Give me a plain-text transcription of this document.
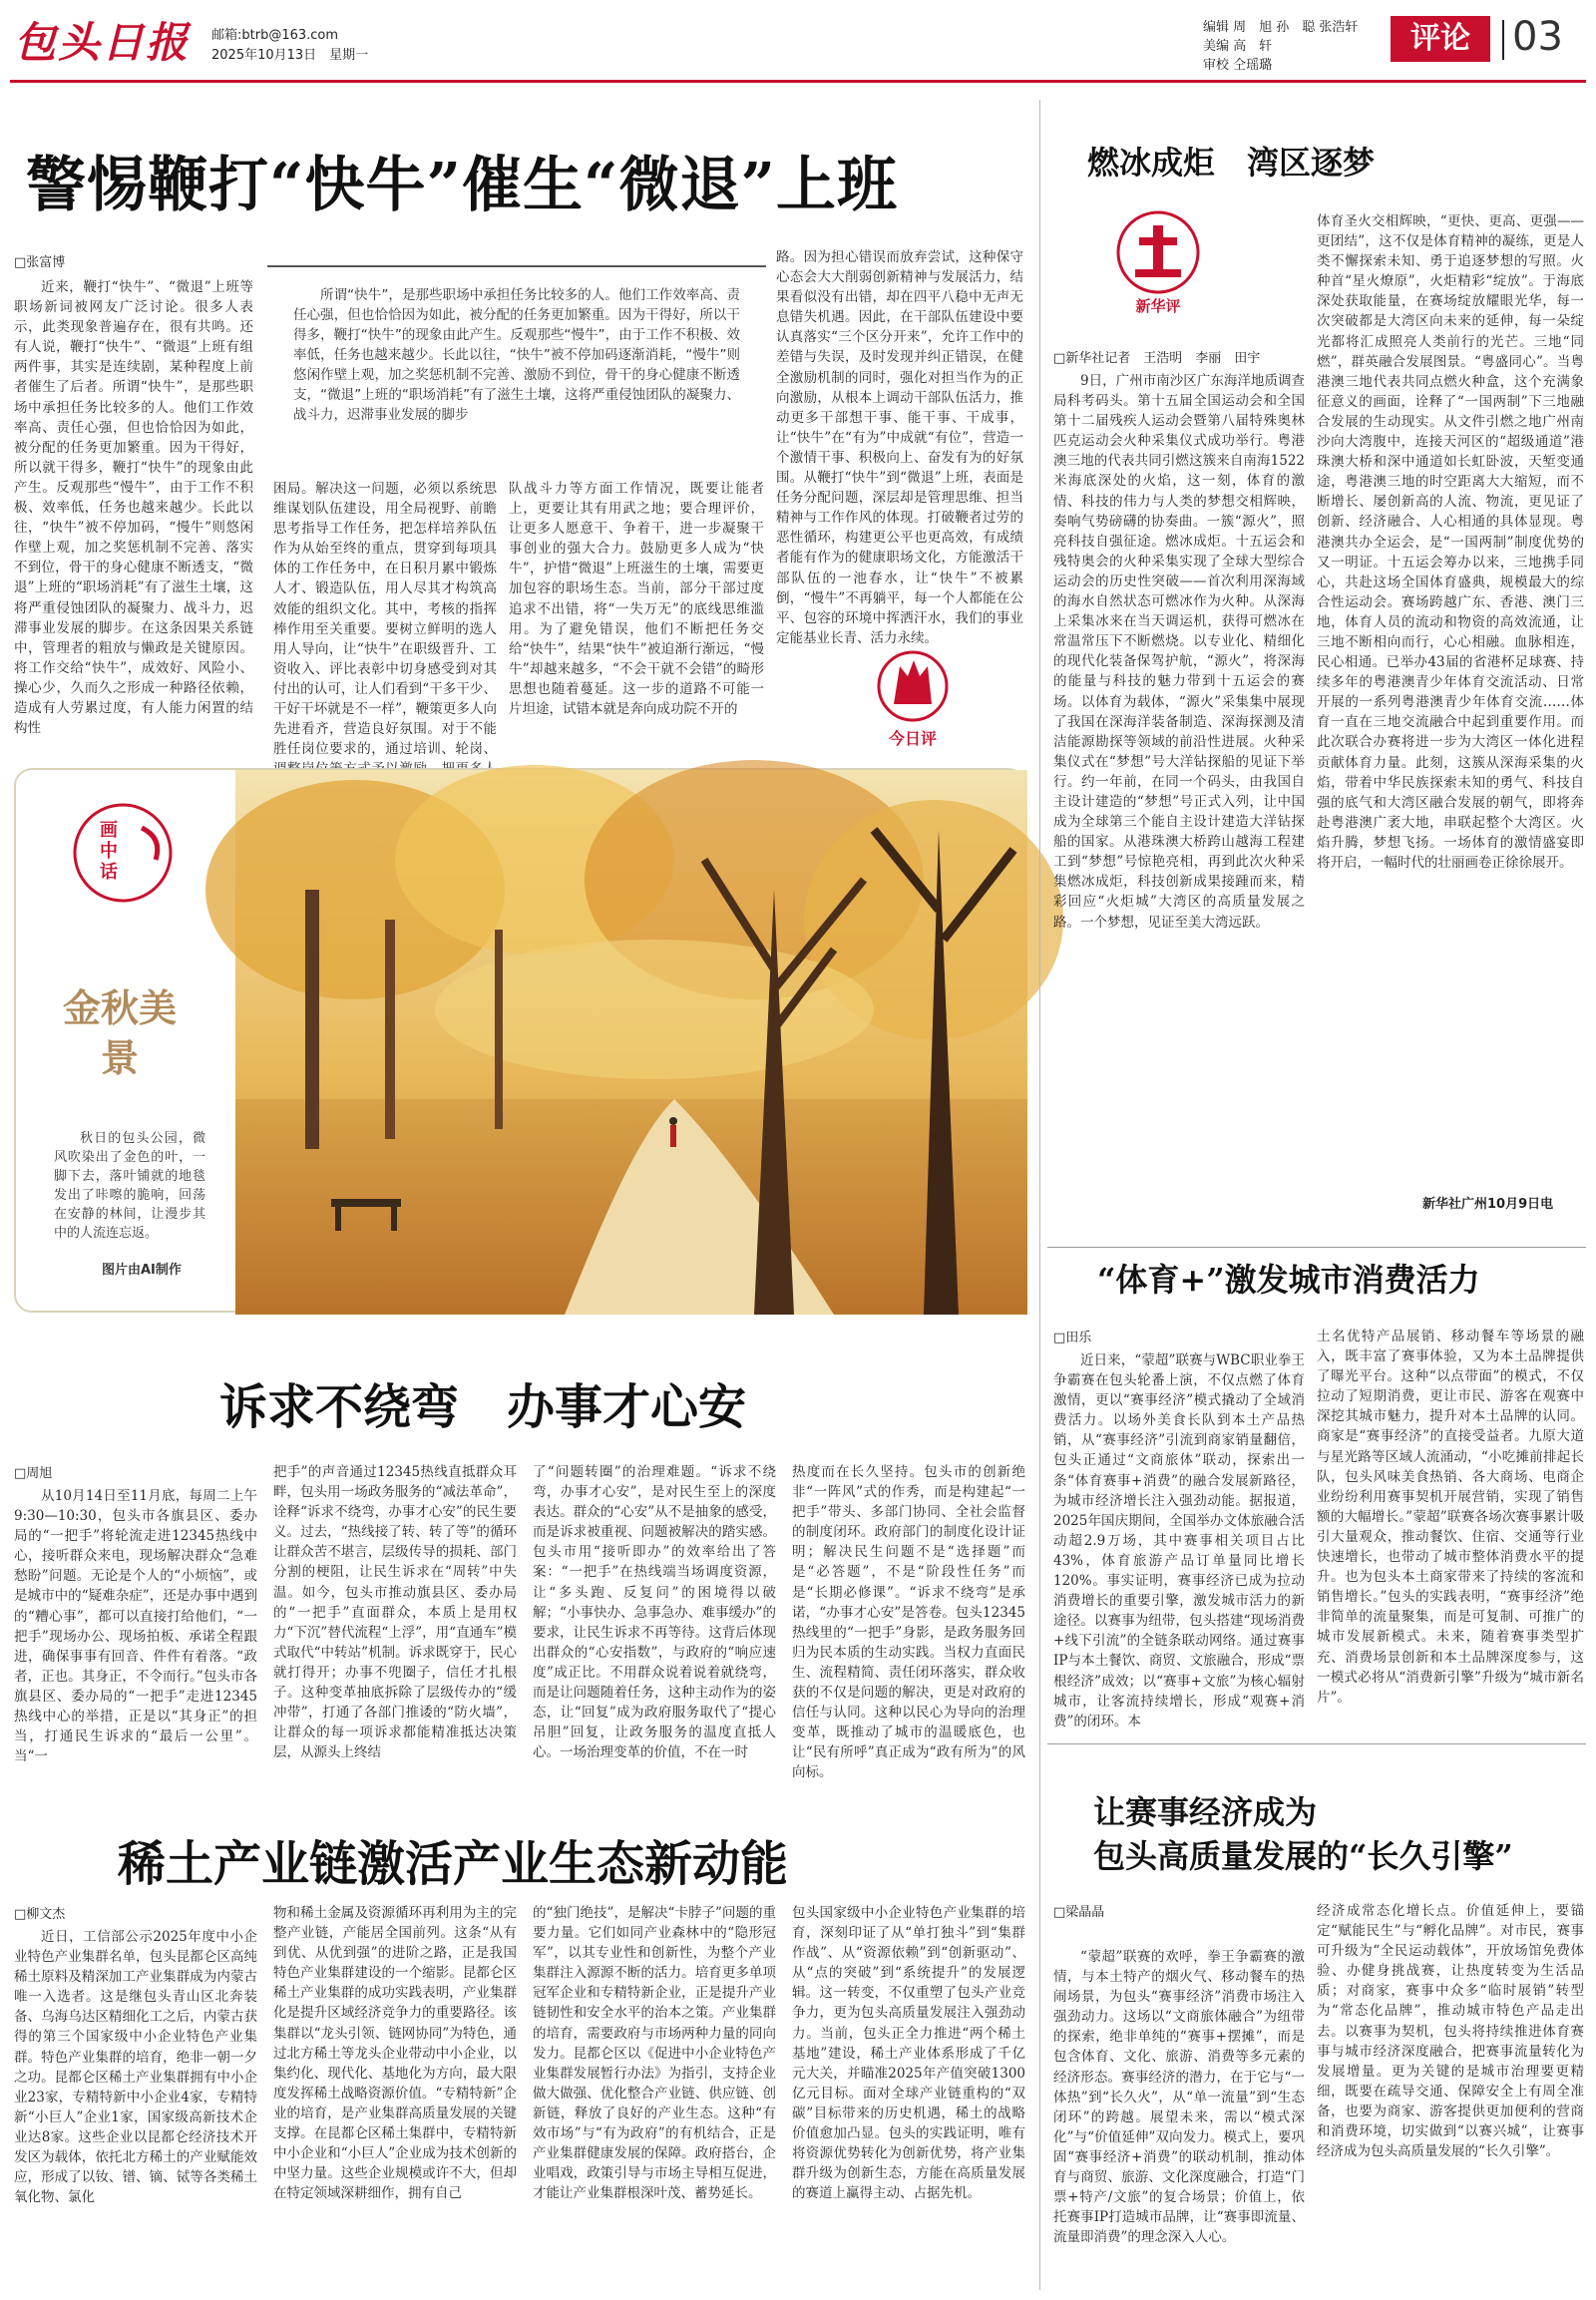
包头日报 邮箱:btrb@163.com
2025年10月13日　星期一
编辑 周　旭 孙　聪 张浩轩
美编 高　轩
审校 仝瑶璐
评论	03
警惕鞭打“快牛”催生“微退”上班
□张富博
所谓“快牛”，是那些职场中承担任务比较多的人。他们工作效率高、责任心强，但也恰恰因为如此，被分配的任务更加繁重。因为干得好，所以干得多，鞭打“快牛”的现象由此产生。反观那些“慢牛”，由于工作不积极、效率低，任务也越来越少。长此以往，“快牛”被不停加码逐渐消耗，“慢牛”则悠闲作壁上观，加之奖惩机制不完善、激励不到位，骨干的身心健康不断透支，“微退”上班的“职场消耗”有了滋生土壤，这将严重侵蚀团队的凝聚力、战斗力，迟滞事业发展的脚步
近来，鞭打“快牛”、“微退”上班等职场新词被网友广泛讨论。很多人表示，此类现象普遍存在，很有共鸣。还有人说，鞭打“快牛”、“微退”上班有组两件事，其实是连续剧，某种程度上前者催生了后者。所谓“快牛”，是那些职场中承担任务比较多的人。他们工作效率高、责任心强，但也恰恰因为如此，被分配的任务更加繁重。因为干得好，所以就干得多，鞭打“快牛”的现象由此产生。反观那些“慢牛”，由于工作不积极、效率低，任务也越来越少。长此以往，“快牛”被不停加码，“慢牛”则悠闲作壁上观，加之奖惩机制不完善、落实不到位，骨干的身心健康不断透支，“微退”上班的“职场消耗”有了滋生土壤，这将严重侵蚀团队的凝聚力、战斗力，迟滞事业发展的脚步。在这条因果关系链中，管理者的粗放与懒政是关键原因。将工作交给“快牛”，成效好、风险小、操心少，久而久之形成一种路径依赖，造成有人劳累过度，有人能力闲置的结构性
困局。解决这一问题，必须以系统思维谋划队伍建设，用全局视野、前瞻思考指导工作任务，把怎样培养队伍作为从始至终的重点，贯穿到每项具体的工作任务中，在日积月累中锻炼人才、锻造队伍，用人尽其才构筑高效能的组织文化。其中，考核的指挥棒作用至关重要。要树立鲜明的选人用人导向，让“快牛”在职级晋升、工资收入、评比表彰中切身感受到对其付出的认可，让人们看到“干多干少、干好干坏就是不一样”，鞭策更多人向先进看齐，营造良好氛围。对于不能胜任岗位要求的，通过培训、轮岗、
队战斗力等方面工作情况，既要让能者上，更要让其有用武之地；要合理评价，让更多人愿意干、争着干，进一步凝聚干事创业的强大合力。鼓励更多人成为“快牛”，护惜“微退”上班滋生的土壤，需要更加包容的职场生态。当前，部分干部过度追求不出错，将“一失万无”的底线思维滥用。为了避免错误，他们不断把任务交给“快牛”，结果“快牛”被迫渐行渐远，“慢牛”却越来越多，“不会干就不会错”的畸形思想也随着蔓延。这一步的道路不可能一片坦途，试错本就是奔向成功院不开的
路。因为担心错误而放弃尝试，这种保守心态会大大削弱创新精神与发展活力，结果看似没有出错，却在四平八稳中无声无息错失机遇。因此，在干部队伍建设中要认真落实“三个区分开来”，允许工作中的差错与失误，及时发现并纠正错误，在健全激励机制的同时，强化对担当作为的正向激励，从根本上调动干部队伍活力，推动更多干部想干事、能干事、干成事，让“快牛”在“有为”中成就“有位”，营造一个激情干事、积极向上、奋发有为的好氛围。从鞭打“快牛”到“微退”上班，表面是任务分配问题，深层却是管理思维、担当精神与工作作风的体现。打破鞭者过劳的恶性循环，构建更公平也更高效，有成绩者能有作为的健康职场文化，方能激活干部队伍的一池春水，让“快牛”不被累倒，“慢牛”不再躺平，每一个人都能在公平、包容的环境中挥洒汗水，我们的事业定能基业长青、活力永续。
今日评
画中话
金秋美景
秋日的包头公园，微风吹染出了金色的叶，一脚下去，落叶铺就的地毯发出了咔嚓的脆响，回荡在安静的林间，让漫步其中的人流连忘返。
图片由AI制作
诉求不绕弯　办事才心安
□周旭
从10月14日至11月底，每周二上午9:30—10:30，包头市各旗县区、委办局的“一把手”将轮流走进12345热线中心，接听群众来电，现场解决群众“急难愁盼”问题。无论是个人的“小烦恼”，或是城市中的“疑难杂症”，还是办事中遇到的“糟心事”，都可以直接打给他们，“一把手”现场办公、现场拍板、承诺全程跟进，确保事事有回音、件件有着落。“政者，正也。其身正，不令而行。”包头市各旗县区、委办局的“一把手”走进12345热线中心的举措，正是以“其身正”的担当，打通民生诉求的“最后一公里”。当“一
把手”的声音通过12345热线直抵群众耳畔，包头用一场政务服务的“减法革命”，诠释“诉求不绕弯，办事才心安”的民生要义。过去，“热线接了转、转了等”的循环让群众苦不堪言，层级传导的损耗、部门分割的梗阻，让民生诉求在“周转”中失温。如今，包头市推动旗县区、委办局的“一把手”直面群众，本质上是用权力“下沉”替代流程“上浮”，用“直通车”模式取代“中转站”机制。诉求既穿于，民心就打得开；办事不兜圈子，信任才扎根子。这种变革抽底拆除了层级传办的“缓冲带”，打通了各部门推诿的“防火墙”，让群众的每一项诉求都能精准抵达决策层，从源头上终结
了“问题转圈”的治理难题。“诉求不绕弯，办事才心安”，是对民生至上的深度表达。群众的“心安”从不是抽象的感受，而是诉求被重视、问题被解决的踏实感。包头市用“接听即办”的效率给出了答案：“一把手”在热线端当场调度资源，让“多头跑、反复问”的困境得以破解；“小事快办、急事急办、难事缓办”的要求，让民生诉求不再等待。这背后体现出群众的“心安指数”，与政府的“响应速度”成正比。不用群众说着说着就绕弯，而是让问题随着任务，这种主动作为的姿态，让“回复”成为政府服务取代了“提心吊胆”回复，让政务服务的温度直抵人心。一场治理变革的价值，不在一时
热度而在长久坚持。包头市的创新绝非“一阵风”式的作秀，而是构建起“一把手”带头、多部门协同、全社会监督的制度闭环。政府部门的制度化设计证明；解决民生问题不是“选择题”而是“必答题”，不是“阶段性任务”而是“长期必修课”。“诉求不绕弯”是承诺，“办事才心安”是答卷。包头12345热线里的“一把手”身影，是政务服务回归为民本质的生动实践。当权力直面民生、流程精简、责任闭环落实，群众收获的不仅是问题的解决，更是对政府的信任与认同。这种以民心为导向的治理变革，既推动了城市的温暖底色，也让“民有所呼”真正成为“政有所为”的风向标。
稀土产业链激活产业生态新动能
□柳文杰
近日，工信部公示2025年度中小企业特色产业集群名单，包头昆都仑区高纯稀土原料及精深加工产业集群成为内蒙古唯一入选者。这是继包头青山区北奔装备、乌海乌达区精细化工之后，内蒙古获得的第三个国家级中小企业特色产业集群。特色产业集群的培育，绝非一朝一夕之功。昆都仑区稀土产业集群拥有中小企业23家，专精特新中小企业4家，专精特新“小巨人”企业1家，国家级高新技术企业达8家。这些企业以昆都仑经济技术开发区为载体，依托北方稀土的产业赋能效应，形成了以钕、镨、镝、铽等各类稀土氧化物、氯化
物和稀土金属及资源循环再利用为主的完整产业链，产能居全国前列。这条“从有到优、从优到强”的进阶之路，正是我国特色产业集群建设的一个缩影。昆都仑区稀土产业集群的成功实践表明，产业集群化是提升区域经济竞争力的重要路径。该集群以“龙头引领、链网协同”为特色，通过北方稀土等龙头企业带动中小企业，以集约化、现代化、基地化为方向，最大限度发挥稀土战略资源价值。“专精特新”企业的培育，是产业集群高质量发展的关键支撑。在昆都仑区稀土集群中，专精特新中小企业和“小巨人”企业成为技术创新的中坚力量。这些企业规模或许不大，但却在特定领域深耕细作，拥有自己
的“独门绝技”，是解决“卡脖子”问题的重要力量。它们如同产业森林中的“隐形冠军”，以其专业性和创新性，为整个产业集群注入源源不断的活力。培育更多单项冠军企业和专精特新企业，正是提升产业链韧性和安全水平的治本之策。产业集群的培育，需要政府与市场两种力量的同向发力。昆都仑区以《促进中小企业特色产业集群发展暂行办法》为指引，支持企业做大做强、优化整合产业链、供应链、创新链，释放了良好的产业生态。这种“有效市场”与“有为政府”的有机结合，正是产业集群健康发展的保障。政府搭台，企业唱戏，政策引导与市场主导相互促进，才能让产业集群根深叶茂、蓄势延长。
包头国家级中小企业特色产业集群的培育，深刻印证了从“单打独斗”到“集群作战”、从“资源依赖”到“创新驱动”、从“点的突破”到“系统提升”的发展逻辑。这一转变，不仅重塑了包头产业竞争力，更为包头高质量发展注入强劲动力。当前，包头正全力推进“两个稀土基地”建设，稀土产业体系形成了千亿元大关，并瞄准2025年产值突破1300亿元目标。面对全球产业链重构的“双碳”目标带来的历史机遇，稀土的战略价值愈加凸显。包头的实践证明，唯有将资源优势转化为创新优势，将产业集群升级为创新生态，方能在高质量发展的赛道上赢得主动、占据先机。
燃冰成炬　湾区逐梦
新华评
□新华社记者　王浩明　李丽　田宇
9日，广州市南沙区广东海洋地质调查局科考码头。第十五届全国运动会和全国第十二届残疾人运动会暨第八届特殊奥林匹克运动会火种采集仪式成功举行。粤港澳三地的代表共同引燃这簇来自南海1522米海底深处的火焰，这一刻，体育的激情、科技的伟力与人类的梦想交相辉映，奏响气势磅礴的协奏曲。一簇“源火”，照亮科技自强征途。燃冰成炬。十五运会和残特奥会的火种采集实现了全球大型综合运动会的历史性突破——首次利用深海域的海水自然状态可燃冰作为火种。从深海上采集冰来在当天调运机，获得可燃冰在常温常压下不断燃烧。以专业化、精细化的现代化装备保驾护航，“源火”，将深海的能量与科技的魅力带到十五运会的赛场。以体育为载体，“源火”采集集中展现了我国在深海洋装备制造、深海探测及清洁能源勘探等领域的前沿性进展。火种采集仪式在“梦想”号大洋钻探船的见证下举行。约一年前，在同一个码头，由我国自主设计建造的“梦想”号正式入列，让中国成为全球第三个能自主设计建造大洋钻探船的国家。从港珠澳大桥跨山越海工程建工到“梦想”号惊艳亮相，再到此次火种采集燃冰成炬，科技创新成果接踵而来，精彩回应“火炬城”大湾区的高质量发展之路。一个梦想，见证至美大湾远跃。
体育圣火交相辉映，“更快、更高、更强——更团结”，这不仅是体育精神的凝练，更是人类不懈探索未知、勇于追逐梦想的写照。火种首“星火燎原”，火炬精彩“绽放”。于海底深处获取能量，在赛场绽放耀眼光华，每一次突破都是大湾区向未来的延伸，每一朵绽光都将汇成照亮人类前行的光芒。三地“同燃”，群英融合发展图景。“粤盛同心”。当粤港澳三地代表共同点燃火种盒，这个充满象征意义的画面，诠释了“一国两制”下三地融合发展的生动现实。从文件引燃之地广州南沙向大湾腹中，连接天河区的“超级通道”港珠澳大桥和深中通道如长虹卧波，天堑变通途，粤港澳三地的时空距离大大缩短，而不断增长、屡创新高的人流、物流，更见证了创新、经济融合、人心相通的具体显现。粤港澳共办全运会，是“一国两制”制度优势的又一明证。十五运会筹办以来，三地携手同心，共赴这场全国体育盛典，规模最大的综合性运动会。赛场跨越广东、香港、澳门三地，体育人员的流动和物资的高效流通，让三地不断相向而行，心心相融。血脉相连，民心相通。已举办43届的省港杯足球赛、持续多年的粤港澳青少年体育交流活动、日常开展的一系列粤港澳青少年体育交流……体育一直在三地交流融合中起到重要作用。而此次联合办赛将进一步为大湾区一体化进程贡献体育力量。此刻，这簇从深海采集的火焰，带着中华民族探索未知的勇气、科技自强的底气和大湾区融合发展的朝气，即将奔赴粤港澳广袤大地，串联起整个大湾区。火焰升腾，梦想飞扬。一场体育的激情盛宴即将开启，一幅时代的壮丽画卷正徐徐展开。
新华社广州10月9日电
“体育+”激发城市消费活力
□田乐
近日来，“蒙超”联赛与WBC职业拳王争霸赛在包头轮番上演，不仅点燃了体育激情，更以“赛事经济”模式撬动了全域消费活力。以场外美食长队到本土产品热销，从“赛事经济”引流到商家销量翻倍，包头正通过“文商旅体”联动，探索出一条“体育赛事+消费”的融合发展新路径，为城市经济增长注入强劲动能。据报道，2025年国庆期间，全国举办文体旅融合活动超2.9万场，其中赛事相关项目占比43%，体育旅游产品订单量同比增长120%。事实证明，赛事经济已成为拉动消费增长的重要引擎，激发城市活力的新途径。以赛事为纽带，包头搭建“现场消费+线下引流”的全链条联动网络。通过赛事IP与本土餐饮、商贸、文旅融合，形成“票根经济”成效；以“赛事+文旅”为核心辐射城市，让客流持续增长，形成“观赛+消费”的闭环。本
土名优特产品展销、移动餐车等场景的融入，既丰富了赛事体验，又为本土品牌提供了曝光平台。这种“以点带面”的模式，不仅拉动了短期消费，更让市民、游客在观赛中深挖其城市魅力，提升对本土品牌的认同。商家是“赛事经济”的直接受益者。九原大道与星光路等区域人流涌动，“小吃摊前排起长队，包头风味美食热销、各大商场、电商企业纷纷利用赛事契机开展营销，实现了销售额的大幅增长。”蒙超”联赛各场次赛事累计吸引大量观众，推动餐饮、住宿、交通等行业快速增长，也带动了城市整体消费水平的提升。也为包头本土商家带来了持续的客流和销售增长。”包头的实践表明，“赛事经济”绝非简单的流量聚集，而是可复制、可推广的城市发展新模式。未来，随着赛事类型扩充、消费场景创新和本土品牌深度参与，这一模式必将从“消费新引擎”升级为“城市新名片”。
让赛事经济成为
包头高质量发展的“长久引擎”
□梁晶晶
“蒙超”联赛的欢呼，拳王争霸赛的激情，与本土特产的烟火气、移动餐车的热闹场景，为包头“赛事经济”消费市场注入强劲动力。这场以“文商旅体融合”为纽带的探索，绝非单纯的“赛事+摆摊”，而是包含体育、文化、旅游、消费等多元素的经济形态。赛事经济的潜力，在于它与“一体热”到“长久火”，从“单一流量”到“生态闭环”的跨越。展望未来，需以“模式深化”与“价值延伸”双向发力。模式上，要巩固“赛事经济+消费”的联动机制，推动体育与商贸、旅游、文化深度融合，打造“门票+特产/文旅”的复合场景；价值上，依托赛事IP打造城市品牌，让“赛事即流量、流量即消费”的理念深入人心。
经济成常态化增长点。价值延伸上，要锚定“赋能民生”与“孵化品牌”。对市民，赛事可升级为“全民运动载体”，开放场馆免费体验、办健身挑战赛，让热度转变为生活品质；对商家，赛事中众多“临时展销”转型为“常态化品牌”，推动城市特色产品走出去。以赛事为契机，包头将持续推进体育赛事与城市经济深度融合，把赛事流量转化为发展增量。更为关键的是城市治理要更精细，既要在疏导交通、保障安全上有周全准备，也要为商家、游客提供更加便利的营商和消费环境，切实做到“以赛兴城”，让赛事经济成为包头高质量发展的“长久引擎”。
